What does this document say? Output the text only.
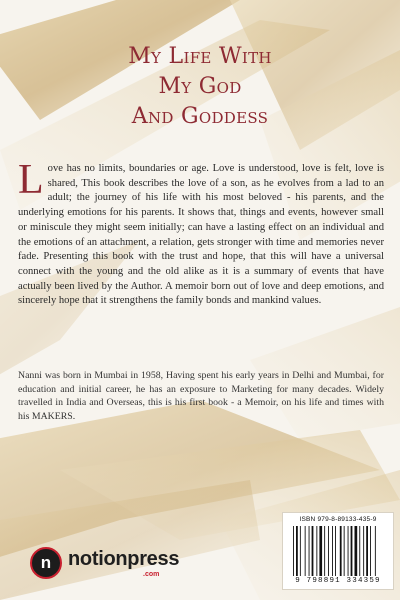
My Life With
My God
And Goddess

Love has no limits, boundaries or age. Love is understood, love is felt, love is shared, This book describes the love of a son, as he evolves from a lad to an adult; the journey of his life with his most beloved - his parents, and the underlying emotions for his parents. It shows that, things and events, however small or miniscule they might seem initially; can have a lasting effect on an individual and the emotions of an attachment, a relation, gets stronger with time and memories never fade. Presenting this book with the trust and hope, that this will have a universal connect with the young and the old alike as it is a summary of events that have actually been lived by the Author. A memoir born out of love and deep emotions, and sincerely hope that it strengthens the family bonds and mankind values.

Nanni was born in Mumbai in 1958, Having spent his early years in Delhi and Mumbai, for education and initial career, he has an exposure to Marketing for many decades. Widely travelled in India and Overseas, this is his first book - a Memoir, on his life and times with his MAKERS.

n notionpress
.com
ISBN 979-8-89133-435-9
9 798891 334359
